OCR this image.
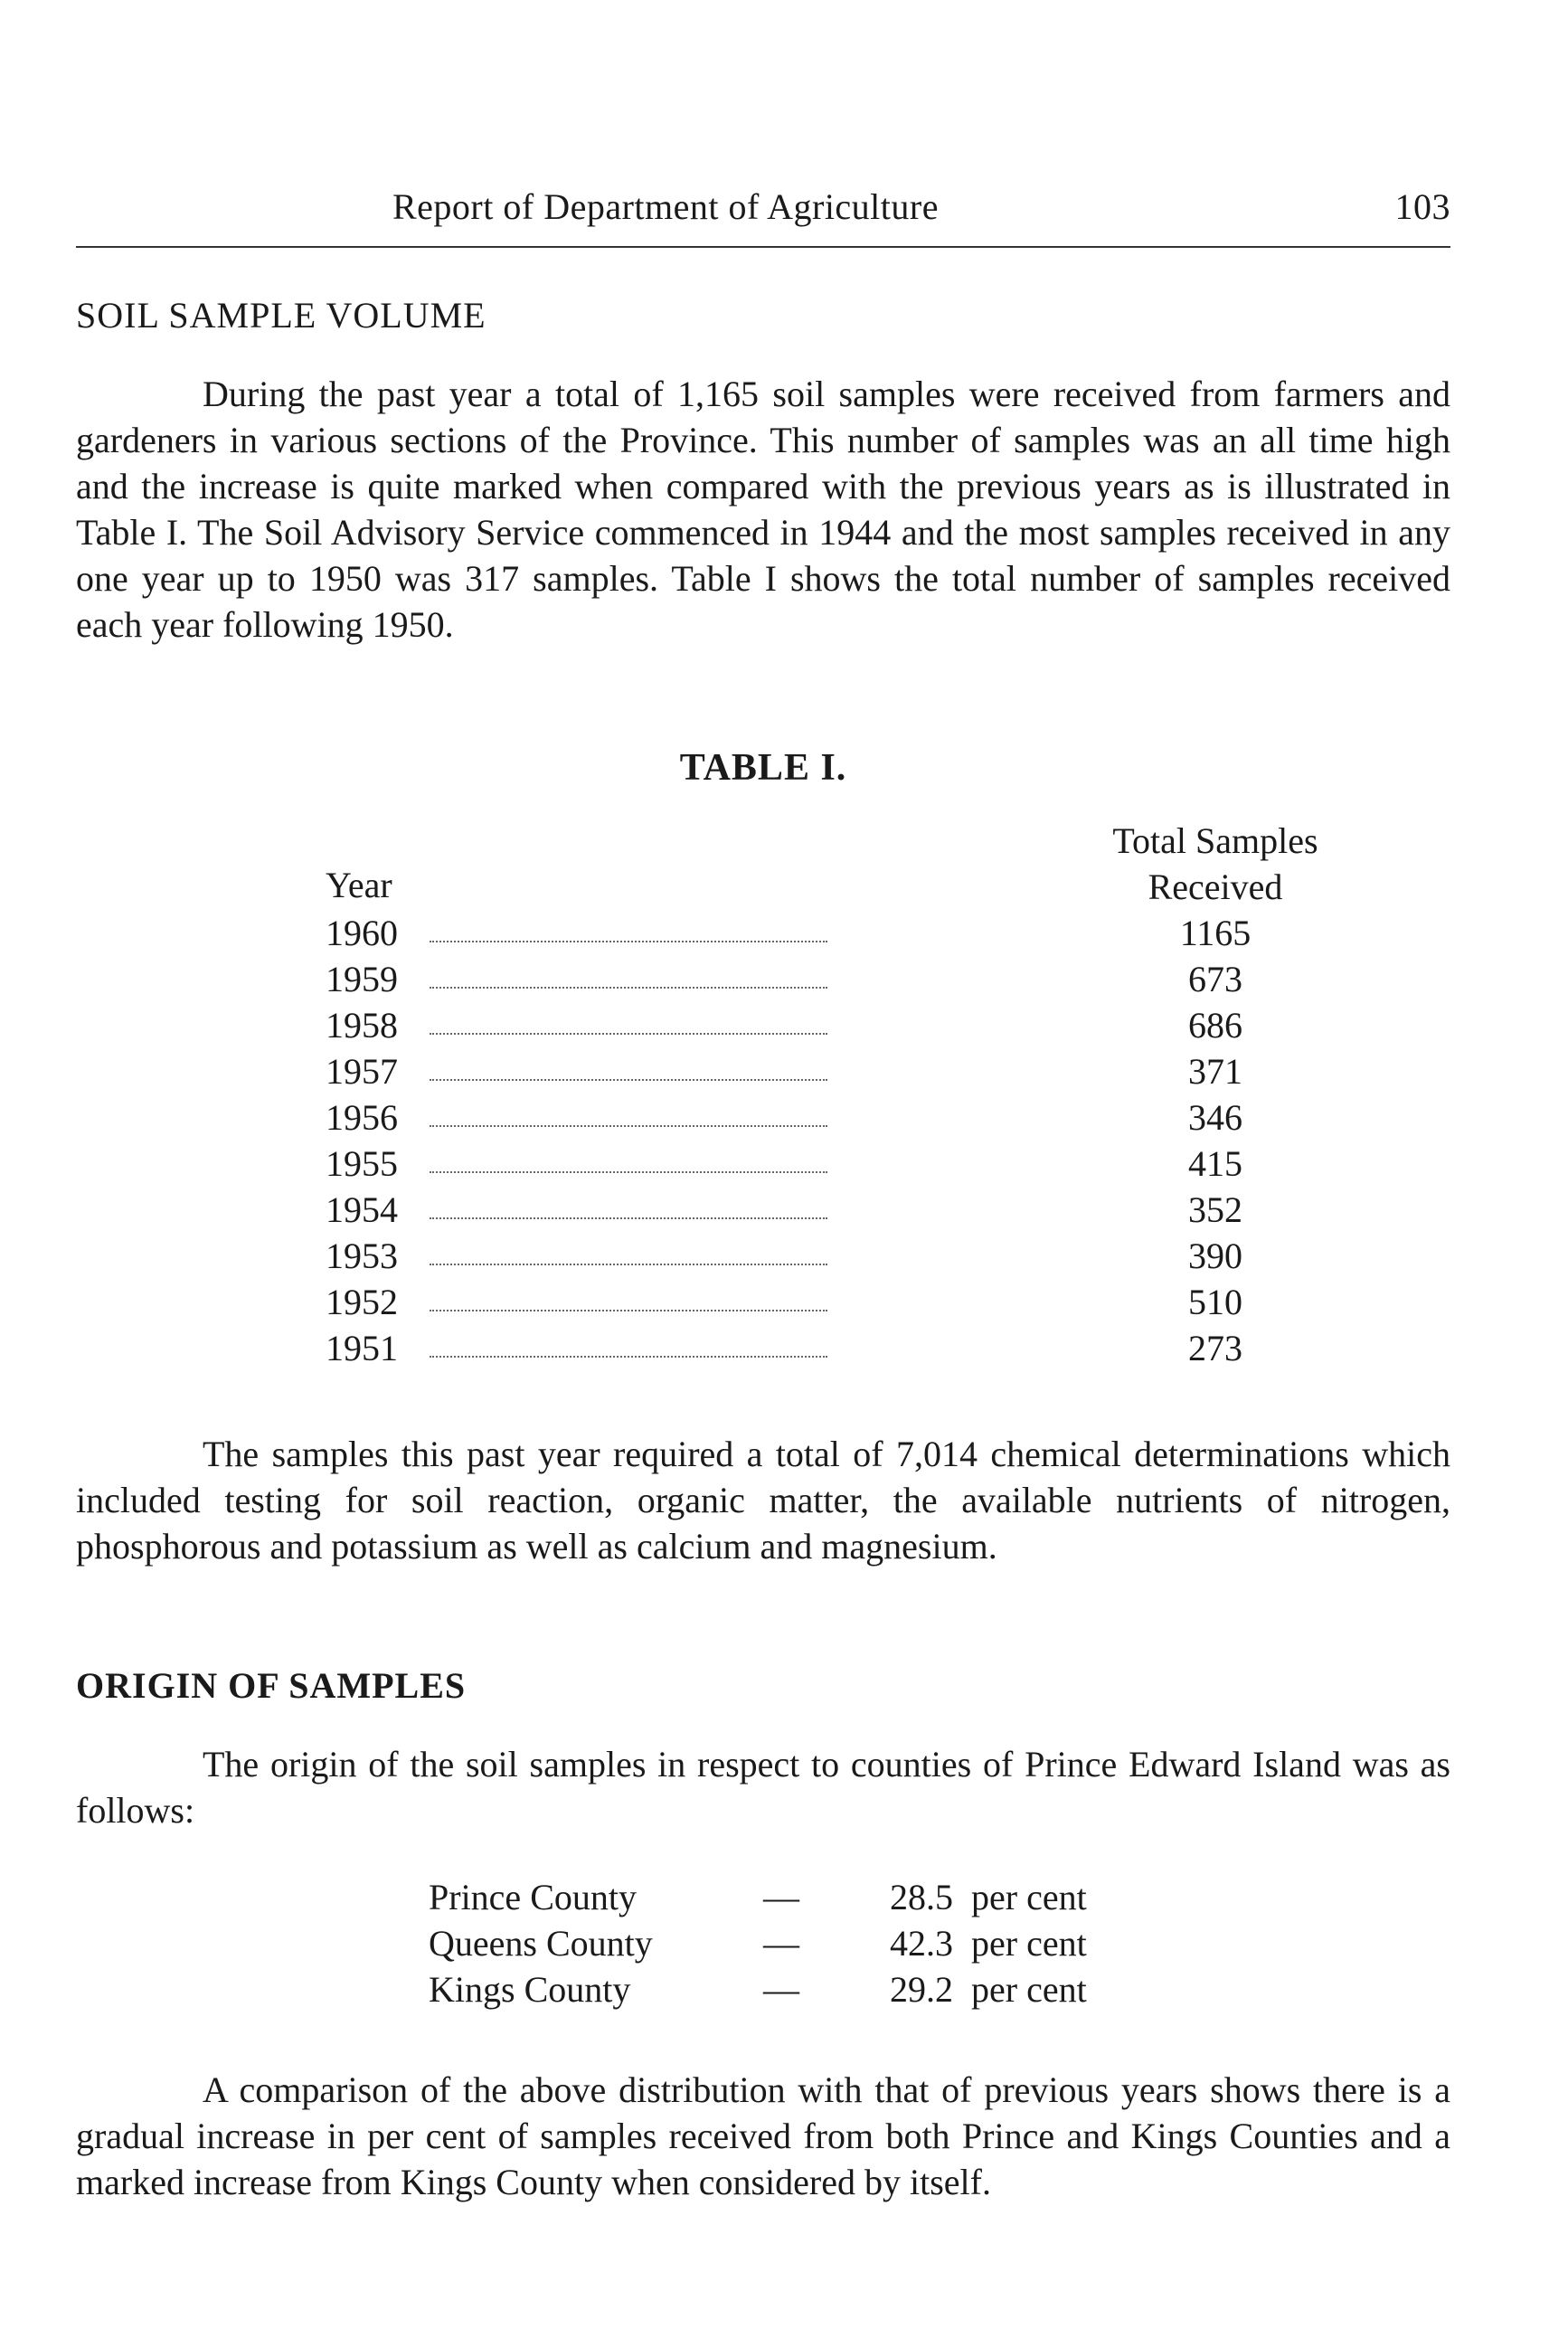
Report of Department of Agriculture	103
SOIL SAMPLE VOLUME

During the past year a total of 1,165 soil samples were received from farmers and gardeners in various sections of the Province. This number of samples was an all time high and the increase is quite marked when compared with the previous years as is illustrated in Table I. The Soil Advisory Service commenced in 1944 and the most samples received in any one year up to 1950 was 317 samples. Table I shows the total number of samples received each year following 1950.

TABLE I.
Year
Total Samples
Received
1960	1165
1959	673
1958	686
1957	371
1956	346
1955	415
1954	352
1953	390
1952	510
1951	273

The samples this past year required a total of 7,014 chemical determinations which included testing for soil reaction, organic matter, the available nutrients of nitrogen, phosphorous and potassium as well as calcium and magnesium.

ORIGIN OF SAMPLES

The origin of the soil samples in respect to counties of Prince Edward Island was as follows:

Prince County	—	28.5 per cent
Queens County	—	42.3 per cent
Kings County	—	29.2 per cent

A comparison of the above distribution with that of previous years shows there is a gradual increase in per cent of samples received from both Prince and Kings Counties and a marked increase from Kings County when considered by itself.
